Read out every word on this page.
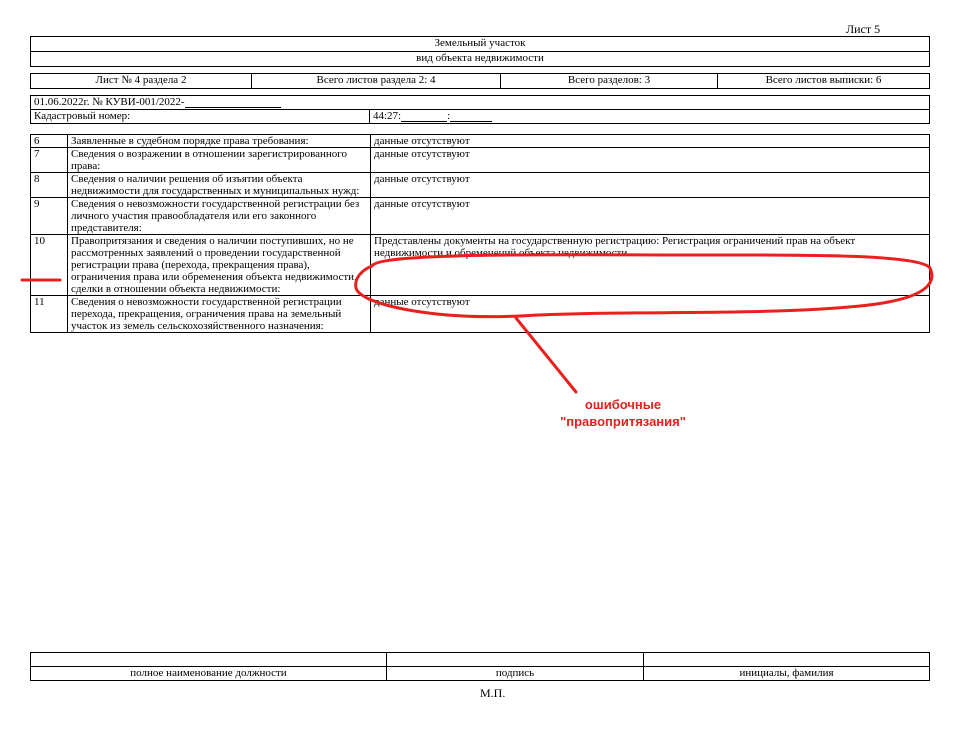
Лист 5
Земельный участок
вид объекта недвижимости
Лист № 4 раздела 2	Всего листов раздела 2: 4	Всего разделов: 3	Всего листов выписки: 6
01.06.2022г. № КУВИ-001/2022-
Кадастровый номер:	44:27:	:
6	Заявленные в судебном порядке права требования:	данные отсутствуют
7	Сведения о возражении в отношении зарегистрированного права:	данные отсутствуют
8	Сведения о наличии решения об изъятии объекта недвижимости для государственных и муниципальных нужд:	данные отсутствуют
9	Сведения о невозможности государственной регистрации без личного участия правообладателя или его законного представителя:	данные отсутствуют
10	Правопритязания и сведения о наличии поступивших, но не рассмотренных заявлений о проведении государственной регистрации права (перехода, прекращения права), ограничения права или обременения объекта недвижимости, сделки в отношении объекта недвижимости:	Представлены документы на государственную регистрацию: Регистрация ограничений прав на объект недвижимости и обременений объекта недвижимости
11	Сведения о невозможности государственной регистрации перехода, прекращения, ограничения права на земельный участок из земель сельскохозяйственного назначения:	данные отсутствуют
ошибочные
"правопритязания"

полное наименование должности	подпись	инициалы, фамилия
М.П.
